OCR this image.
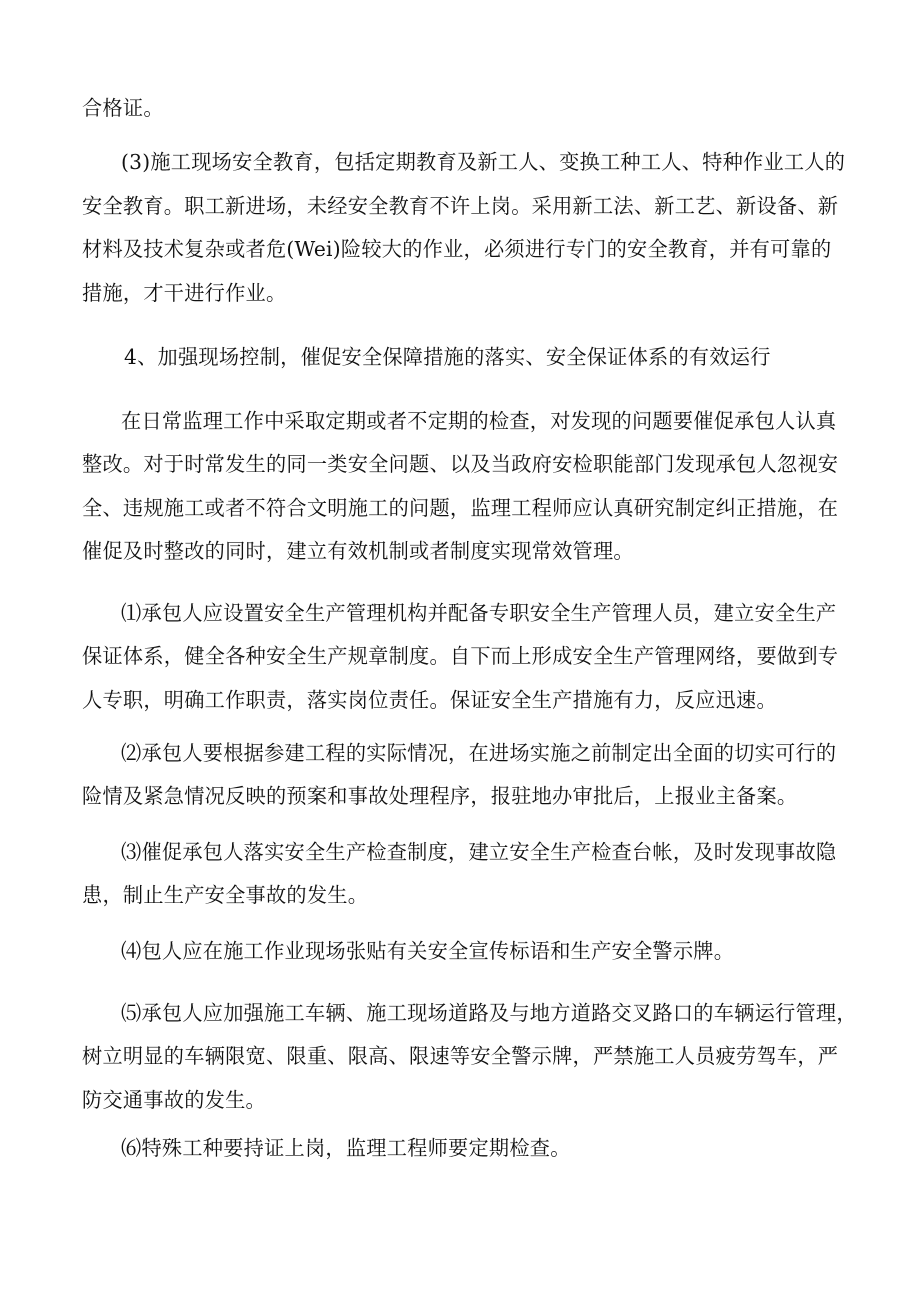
合格证。

(3)施工现场安全教育，包括定期教育及新工人、变换工种工人、特种作业工人的

安全教育。职工新进场，未经安全教育不许上岗。采用新工法、新工艺、新设备、新

材料及技术复杂或者危(Wei)险较大的作业，必须进行专门的安全教育，并有可靠的

措施，才干进行作业。

4、加强现场控制，催促安全保障措施的落实、安全保证体系的有效运行

在日常监理工作中采取定期或者不定期的检查，对发现的问题要催促承包人认真

整改。对于时常发生的同一类安全问题、以及当政府安检职能部门发现承包人忽视安

全、违规施工或者不符合文明施工的问题，监理工程师应认真研究制定纠正措施，在

催促及时整改的同时，建立有效机制或者制度实现常效管理。

⑴承包人应设置安全生产管理机构并配备专职安全生产管理人员，建立安全生产

保证体系，健全各种安全生产规章制度。自下而上形成安全生产管理网络，要做到专

人专职，明确工作职责，落实岗位责任。保证安全生产措施有力，反应迅速。

⑵承包人要根据参建工程的实际情况，在进场实施之前制定出全面的切实可行的

险情及紧急情况反映的预案和事故处理程序，报驻地办审批后，上报业主备案。

⑶催促承包人落实安全生产检查制度，建立安全生产检查台帐，及时发现事故隐

患，制止生产安全事故的发生。

⑷包人应在施工作业现场张贴有关安全宣传标语和生产安全警示牌。

⑸承包人应加强施工车辆、施工现场道路及与地方道路交叉路口的车辆运行管理，

树立明显的车辆限宽、限重、限高、限速等安全警示牌，严禁施工人员疲劳驾车，严

防交通事故的发生。

⑹特殊工种要持证上岗，监理工程师要定期检查。
